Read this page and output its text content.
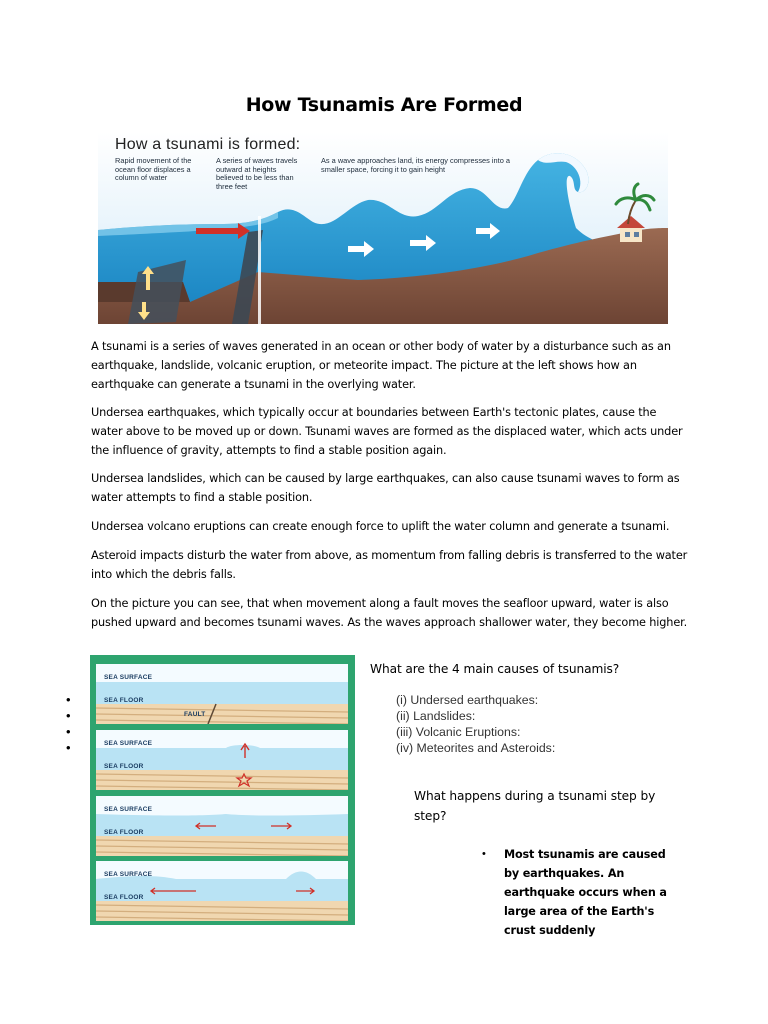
How Tsunamis Are Formed
How a tsunami is formed:
Rapid movement of the ocean floor displaces a column of water
A series of waves travels outward at heights believed to be less than three feet
As a wave approaches land, its energy compresses into a smaller space, forcing it to gain height
A tsunami is a series of waves generated in an ocean or other body of water by a disturbance such as an earthquake, landslide, volcanic eruption, or meteorite impact. The picture at the left shows how an earthquake can generate a tsunami in the overlying water.
Undersea earthquakes, which typically occur at boundaries between Earth's tectonic plates, cause the water above to be moved up or down. Tsunami waves are formed as the displaced water, which acts under the influence of gravity, attempts to find a stable position again.
Undersea landslides, which can be caused by large earthquakes, can also cause tsunami waves to form as water attempts to find a stable position.
Undersea volcano eruptions can create enough force to uplift the water column and generate a tsunami.
Asteroid impacts disturb the water from above, as momentum from falling debris is transferred to the water into which the debris falls.
On the picture you can see, that when movement along a fault moves the seafloor upward, water is also pushed upward and becomes tsunami waves. As the waves approach shallower water, they become higher.
•
•
•
•
SEA SURFACE
SEA FLOOR
FAULT
SEA SURFACE
SEA FLOOR
SEA SURFACE
SEA FLOOR
SEA SURFACE
SEA FLOOR
What are the 4 main causes of tsunamis?
(i) Undersed earthquakes:
(ii) Landslides:
(iii) Volcanic Eruptions:
(iv) Meteorites and Asteroids:
What happens during a tsunami step by step?
• Most tsunamis are caused by earthquakes. An earthquake occurs when a large area of the Earth's crust suddenly
